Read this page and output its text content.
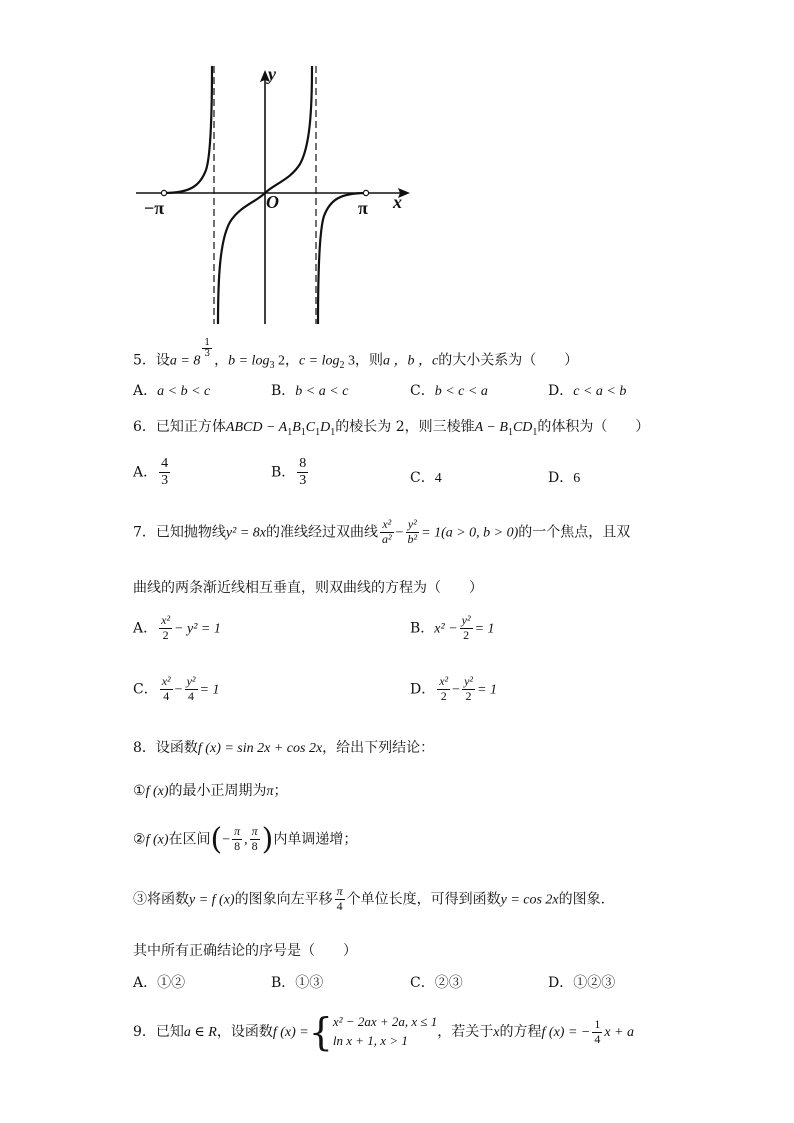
y
x
O
−π	π
5．设a = 8
$\frac{1}{3}$
，$b = \log_3 2$，$c = \log_2 3$，则a ，b ，c的大小关系为（　　）
A．a < b < c	B．b < a < c	C．b < c < a	D．c < a < b
6．已知正方体ABCD − $A_1B_1C_1D_1$的棱长为 2，则三棱锥$A - B_1CD_1$的体积为（　　）
A． $\frac{4}{3}$	B． $\frac{8}{3}$	C．4	D．6
7．已知抛物线y² = 8x的准线经过双曲线 $\frac{\text{x²}}{\text{a²}} - \frac{\text{y²}}{\text{b²}} = 1(a > 0$, b > 0)的一个焦点，且双
曲线的两条渐近线相互垂直，则双曲线的方程为（　　）
A． $\frac{\text{x²}}{2} - y^2 = 1$	B．$x^2 - \frac{\text{y²}}{2} = 1$
C． $\frac{\text{x²}}{4} - \frac{\text{y²}}{4} = 1$	D． $\frac{\text{x²}}{2} - \frac{\text{y²}}{2} = 1$
8．设函数f (x) = sin 2x + cos 2x，给出下列结论：
①f (x)的最小正周期为π；
②f (x)在区间(− $\frac{\pi}{8}$ , $\frac{\pi}{8}$ )内单调递增；
③将函数y = f (x)的图象向左平移 $\frac{\pi}{4}$ 个单位长度，可得到函数y = cos 2x的图象.
其中所有正确结论的序号是（　　）
A．①②	B．①③	C．②③	D．①②③
9．已知a ∈ R，设函数f (x) ={ x² − 2ax + 2a, x ≤ 1
ln x + 1, x > 1
，若关于x的方程f (x) = − $\frac{1}{4}$ x + a
